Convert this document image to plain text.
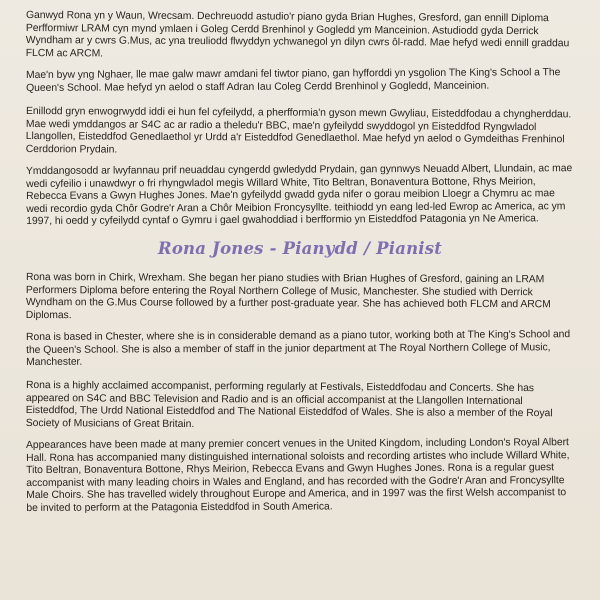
Ganwyd Rona yn y Waun, Wrecsam. Dechreuodd astudio'r piano gyda Brian Hughes, Gresford, gan ennill Diploma Perfformiwr LRAM cyn mynd ymlaen i Goleg Cerdd Brenhinol y Gogledd ym Manceinion. Astudiodd gyda Derrick Wyndham ar y cwrs G.Mus, ac yna treuliodd flwyddyn ychwanegol yn dilyn cwrs ôl-radd. Mae hefyd wedi ennill graddau FLCM ac ARCM.

Mae'n byw yng Nghaer, lle mae galw mawr amdani fel tiwtor piano, gan hyfforddi yn ysgolion The King's School a The Queen's School. Mae hefyd yn aelod o staff Adran Iau Coleg Cerdd Brenhinol y Gogledd, Manceinion.

Enillodd gryn enwogrwydd iddi ei hun fel cyfeilydd, a pherfformia'n gyson mewn Gwyliau, Eisteddfodau a chyngherddau. Mae wedi ymddangos ar S4C ac ar radio a theledu'r BBC, mae'n gyfeilydd swyddogol yn Eisteddfod Ryngwladol Llangollen, Eisteddfod Genedlaethol yr Urdd a'r Eisteddfod Genedlaethol. Mae hefyd yn aelod o Gymdeithas Frenhinol Cerddorion Prydain.

Ymddangosodd ar lwyfannau prif neuaddau cyngerdd gwledydd Prydain, gan gynnwys Neuadd Albert, Llundain, ac mae wedi cyfeilio i unawdwyr o fri rhyngwladol megis Willard White, Tito Beltran, Bonaventura Bottone, Rhys Meirion, Rebecca Evans a Gwyn Hughes Jones. Mae'n gyfeilydd gwadd gyda nifer o gorau meibion Lloegr a Chymru ac mae wedi recordio gyda Chôr Godre'r Aran a Chôr Meibion Froncysyllte. teithiodd yn eang led-led Ewrop ac America, ac ym 1997, hi oedd y cyfeilydd cyntaf o Gymru i gael gwahoddiad i berfformio yn Eisteddfod Patagonia yn Ne America.

Rona Jones - Pianydd / Pianist

Rona was born in Chirk, Wrexham. She began her piano studies with Brian Hughes of Gresford, gaining an LRAM Performers Diploma before entering the Royal Northern College of Music, Manchester. She studied with Derrick Wyndham on the G.Mus Course followed by a further post-graduate year. She has achieved both FLCM and ARCM Diplomas.

Rona is based in Chester, where she is in considerable demand as a piano tutor, working both at The King's School and the Queen's School. She is also a member of staff in the junior department at The Royal Northern College of Music, Manchester.

Rona is a highly acclaimed accompanist, performing regularly at Festivals, Eisteddfodau and Concerts. She has appeared on S4C and BBC Television and Radio and is an official accompanist at the Llangollen International Eisteddfod, The Urdd National Eisteddfod and The National Eisteddfod of Wales. She is also a member of the Royal Society of Musicians of Great Britain.

Appearances have been made at many premier concert venues in the United Kingdom, including London's Royal Albert Hall. Rona has accompanied many distinguished international soloists and recording artistes who include Willard White, Tito Beltran, Bonaventura Bottone, Rhys Meirion, Rebecca Evans and Gwyn Hughes Jones. Rona is a regular guest accompanist with many leading choirs in Wales and England, and has recorded with the Godre'r Aran and Froncysyllte Male Choirs. She has travelled widely throughout Europe and America, and in 1997 was the first Welsh accompanist to be invited to perform at the Patagonia Eisteddfod in South America.
